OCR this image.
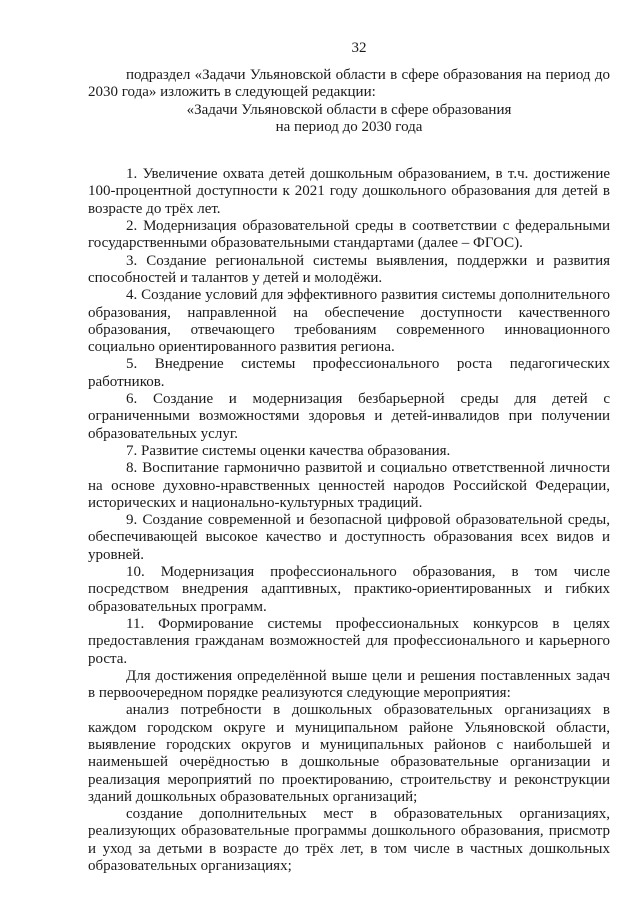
32

подраздел «Задачи Ульяновской области в сфере образования на период до 2030 года» изложить в следующей редакции:

«Задачи Ульяновской области в сфере образования

на период до 2030 года

1. Увеличение охвата детей дошкольным образованием, в т.ч. достижение 100-процентной доступности к 2021 году дошкольного образования для детей в возрасте до трёх лет.

2. Модернизация образовательной среды в соответствии с федеральными государственными образовательными стандартами (далее – ФГОС).

3. Создание региональной системы выявления, поддержки и развития способностей и талантов у детей и молодёжи.

4. Создание условий для эффективного развития системы дополнительного образования, направленной на обеспечение доступности качественного образования, отвечающего требованиям современного инновационного социально ориентированного развития региона.

5. Внедрение системы профессионального роста педагогических работников.

6. Создание и модернизация безбарьерной среды для детей с ограниченными возможностями здоровья и детей-инвалидов при получении образовательных услуг.

7. Развитие системы оценки качества образования.

8. Воспитание гармонично развитой и социально ответственной личности на основе духовно-нравственных ценностей народов Российской Федерации, исторических и национально-культурных традиций.

9. Создание современной и безопасной цифровой образовательной среды, обеспечивающей высокое качество и доступность образования всех видов и уровней.

10. Модернизация профессионального образования, в том числе посредством внедрения адаптивных, практико-ориентированных и гибких образовательных программ.

11. Формирование системы профессиональных конкурсов в целях предоставления гражданам возможностей для профессионального и карьерного роста.

Для достижения определённой выше цели и решения поставленных задач в первоочередном порядке реализуются следующие мероприятия:

анализ потребности в дошкольных образовательных организациях в каждом городском округе и муниципальном районе Ульяновской области, выявление городских округов и муниципальных районов с наибольшей и наименьшей очерёдностью в дошкольные образовательные организации и реализация мероприятий по проектированию, строительству и реконструкции зданий дошкольных образовательных организаций;

создание дополнительных мест в образовательных организациях, реализующих образовательные программы дошкольного образования, присмотр и уход за детьми в возрасте до трёх лет, в том числе в частных дошкольных образовательных организациях;
